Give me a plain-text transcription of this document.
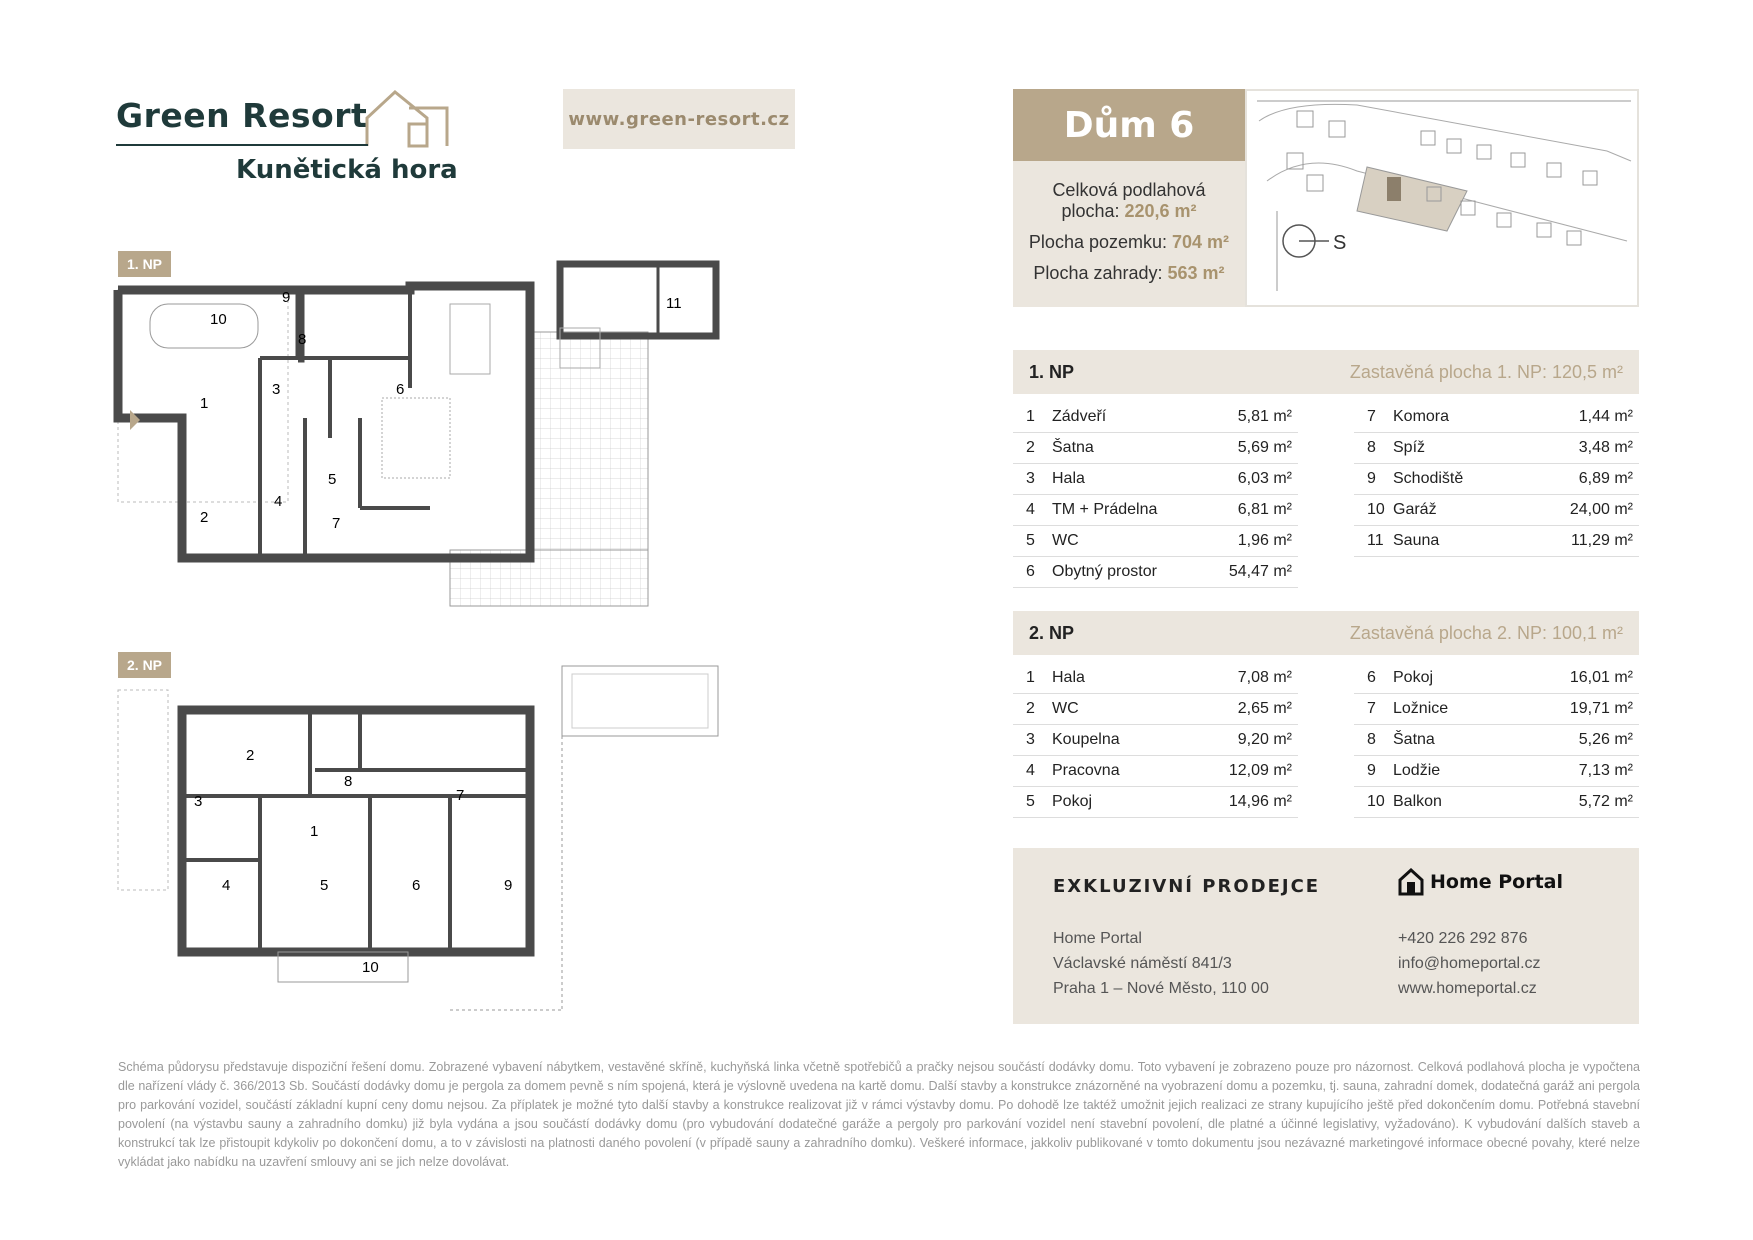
Green Resort
Kunětická hora
www.green-resort.cz
1. NP
10
9
8
3	6
1
2
4
5
7
11
2. NP
3
2
1
8
7
4	5	6	9
10
Dům 6
Celková podlahová
plocha: 220,6 m²
Plocha pozemku: 704 m²
Plocha zahrady: 563 m²
S
1. NP	Zastavěná plocha 1. NP: 120,5 m²
1	Zádveří	5,81 m²
2	Šatna	5,69 m²
3	Hala	6,03 m²
4	TM + Prádelna	6,81 m²
5	WC	1,96 m²
6	Obytný prostor	54,47 m²
7	Komora	1,44 m²
8	Spíž	3,48 m²
9	Schodiště	6,89 m²
10 Garáž	24,00 m²
11 Sauna	11,29 m²
2. NP	Zastavěná plocha 2. NP: 100,1 m²
1	Hala	7,08 m²
2	WC	2,65 m²
3	Koupelna	9,20 m²
4	Pracovna	12,09 m²
5	Pokoj	14,96 m²
6	Pokoj	16,01 m²
7	Ložnice	19,71 m²
8	Šatna	5,26 m²
9	Lodžie	7,13 m²
10 Balkon	5,72 m²
EXKLUZIVNÍ PRODEJCE
Home Portal
Václavské náměstí 841/3
Praha 1 – Nové Město, 110 00
Home Portal
+420 226 292 876
info@homeportal.cz
www.homeportal.cz
Schéma půdorysu představuje dispoziční řešení domu. Zobrazené vybavení nábytkem, vestavěné skříně, kuchyňská linka včetně spotřebičů a pračky nejsou součástí dodávky domu. Toto vybavení je zobrazeno pouze pro názornost. Celková podlahová plocha je vypočtena dle nařízení vlády č. 366/2013 Sb. Součástí dodávky domu je pergola za domem pevně s ním spojená, která je výslovně uvedena na kartě domu. Další stavby a konstrukce znázorněné na vyobrazení domu a pozemku, tj. sauna, zahradní domek, dodatečná garáž ani pergola pro parkování vozidel, součástí základní kupní ceny domu nejsou. Za příplatek je možné tyto další stavby a konstrukce realizovat již v rámci výstavby domu. Po dohodě lze taktéž umožnit jejich realizaci ze strany kupujícího ještě před dokončením domu. Potřebná stavební povolení (na výstavbu sauny a zahradního domku) již byla vydána a jsou součástí dodávky domu (pro vybudování dodatečné garáže a pergoly pro parkování vozidel není stavební povolení, dle platné a účinné legislativy, vyžadováno). K vybudování dalších staveb a konstrukcí tak lze přistoupit kdykoliv po dokončení domu, a to v závislosti na platnosti daného povolení (v případě sauny a zahradního domku). Veškeré informace, jakkoliv publikované v tomto dokumentu jsou nezávazné marketingové informace obecné povahy, které nelze vykládat jako nabídku na uzavření smlouvy ani se jich nelze dovolávat.
